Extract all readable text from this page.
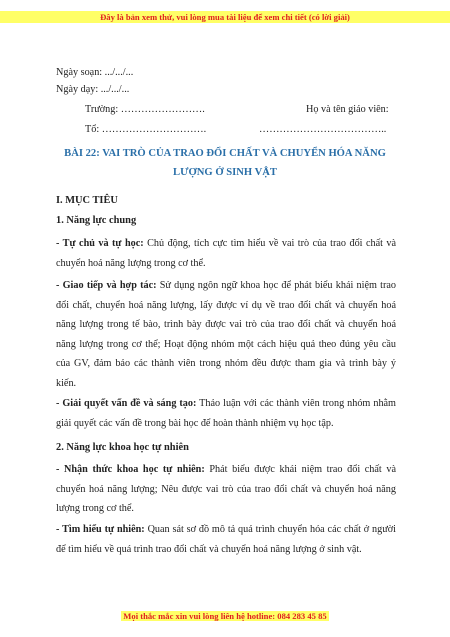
Đây là bản xem thử, vui lòng mua tài liệu để xem chi tiết (có lời giải)
Ngày soạn: .../.../...
Ngày dạy: .../.../...
Trường: …………………….	Họ và tên giáo viên:
Tổ: ………………………….	………………………………..
BÀI 22: VAI TRÒ CỦA TRAO ĐỔI CHẤT VÀ CHUYỂN HÓA NĂNG
LƯỢNG Ở SINH VẬT
I. MỤC TIÊU
1. Năng lực chung
- Tự chủ và tự học: Chủ động, tích cực tìm hiểu về vai trò của trao đổi chất và chuyển hoá năng lượng trong cơ thể.
- Giao tiếp và hợp tác: Sử dụng ngôn ngữ khoa học để phát biểu khái niệm trao đổi chất, chuyển hoá năng lượng, lấy được ví dụ về trao đổi chất và chuyển hoá năng lượng trong tế bào, trình bày được vai trò của trao đổi chất và chuyển hoá năng lượng trong cơ thể; Hoạt động nhóm một cách hiệu quả theo đúng yêu cầu của GV, đảm bảo các thành viên trong nhóm đều được tham gia và trình bày ý kiến.
- Giải quyết vấn đề và sáng tạo: Thảo luận với các thành viên trong nhóm nhằm giải quyết các vấn đề trong bài học để hoàn thành nhiệm vụ học tập.
2. Năng lực khoa học tự nhiên
- Nhận thức khoa học tự nhiên: Phát biểu được khái niệm trao đổi chất và chuyển hoá năng lượng; Nêu được vai trò của trao đổi chất và chuyển hoá năng lượng trong cơ thể.
- Tìm hiểu tự nhiên: Quan sát sơ đồ mô tả quá trình chuyển hóa các chất ở người để tìm hiểu về quá trình trao đổi chất và chuyển hoá năng lượng ở sinh vật.
Mọi thắc mắc xin vui lòng liên hệ hotline: 084 283 45 85
